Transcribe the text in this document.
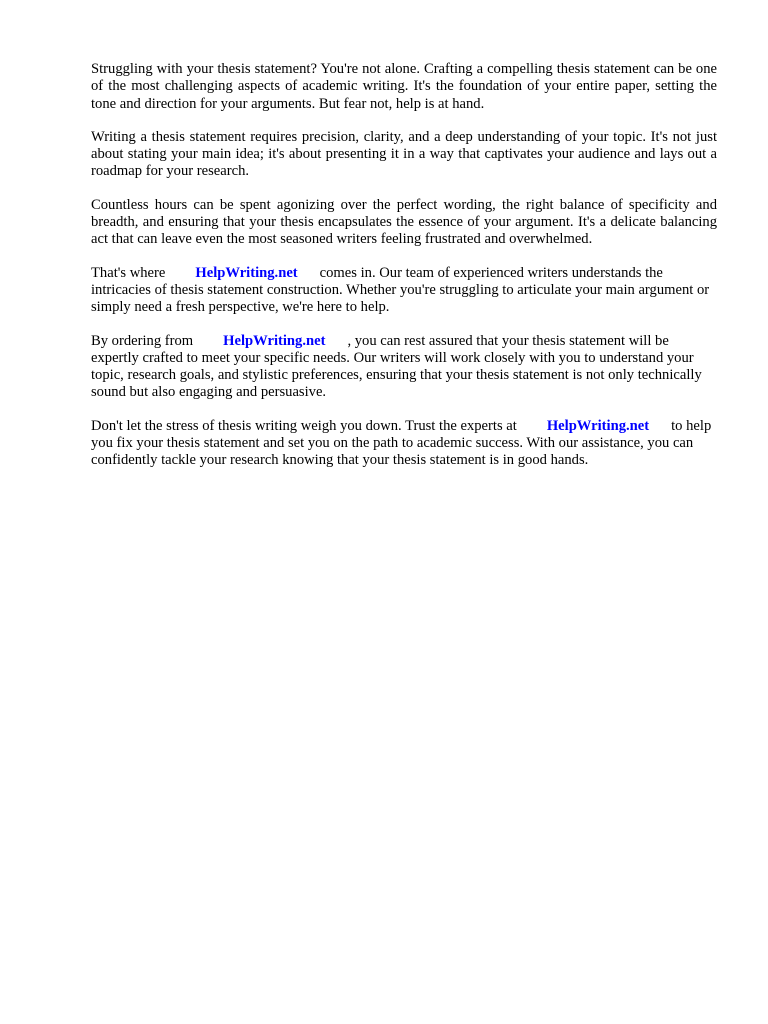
Struggling with your thesis statement? You're not alone. Crafting a compelling thesis statement can be one of the most challenging aspects of academic writing. It's the foundation of your entire paper, setting the tone and direction for your arguments. But fear not, help is at hand.

Writing a thesis statement requires precision, clarity, and a deep understanding of your topic. It's not just about stating your main idea; it's about presenting it in a way that captivates your audience and lays out a roadmap for your research.

Countless hours can be spent agonizing over the perfect wording, the right balance of specificity and breadth, and ensuring that your thesis encapsulates the essence of your argument. It's a delicate balancing act that can leave even the most seasoned writers feeling frustrated and overwhelmed.

That's where HelpWriting.net comes in. Our team of experienced writers understands the intricacies of thesis statement construction. Whether you're struggling to articulate your main argument or simply need a fresh perspective, we're here to help.

By ordering from HelpWriting.net , you can rest assured that your thesis statement will be expertly crafted to meet your specific needs. Our writers will work closely with you to understand your topic, research goals, and stylistic preferences, ensuring that your thesis statement is not only technically sound but also engaging and persuasive.

Don't let the stress of thesis writing weigh you down. Trust the experts at HelpWriting.net to help you fix your thesis statement and set you on the path to academic success. With our assistance, you can confidently tackle your research knowing that your thesis statement is in good hands.
